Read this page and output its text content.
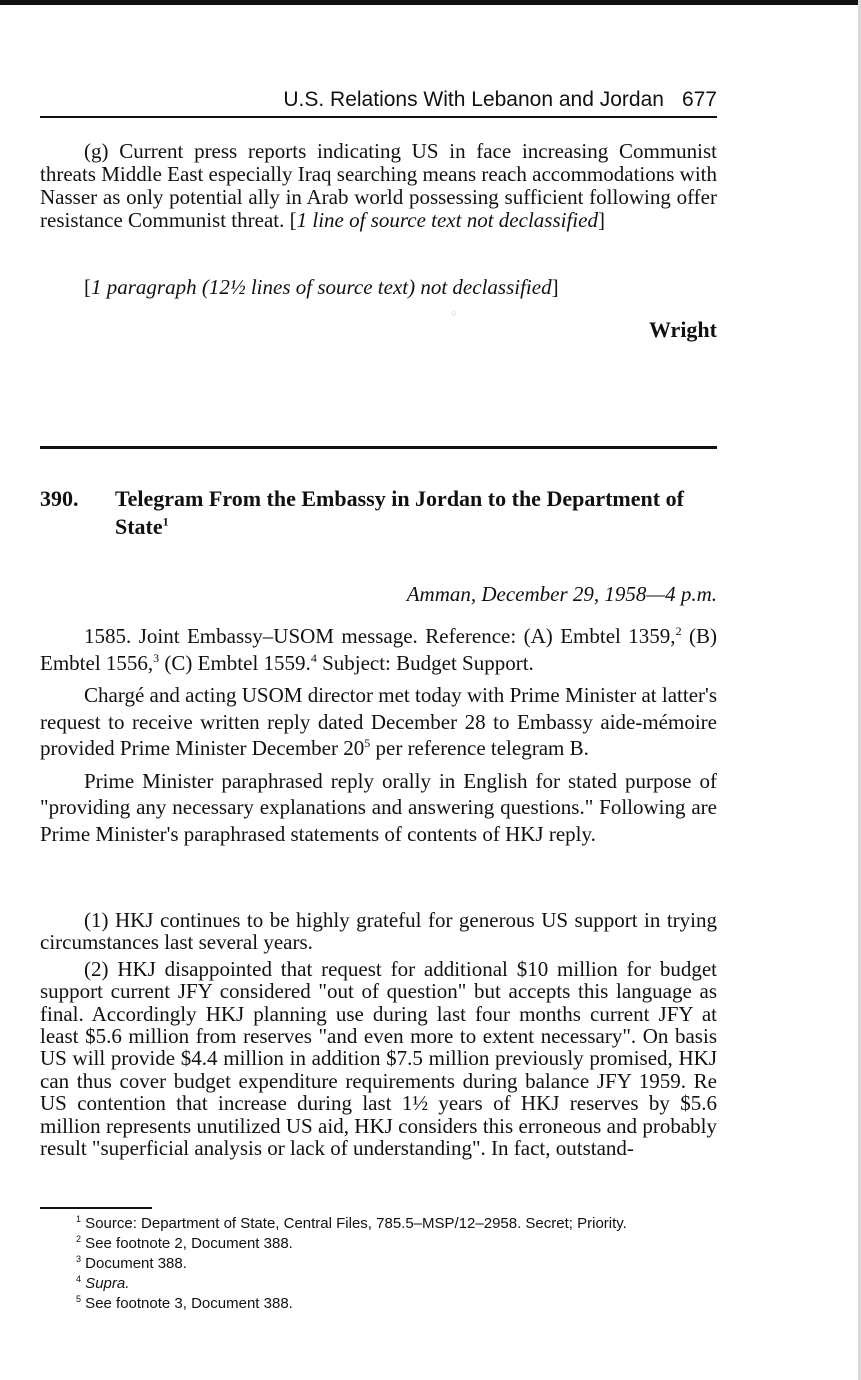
U.S. Relations With Lebanon and Jordan 677

(g) Current press reports indicating US in face increasing Communist threats Middle East especially Iraq searching means reach accommodations with Nasser as only potential ally in Arab world possessing sufficient following offer resistance Communist threat. [1 line of source text not declassified]

[1 paragraph (12½ lines of source text) not declassified]

○
Wright
390. Telegram From the Embassy in Jordan to the Department of State$^1$
Amman, December 29, 1958—4 p.m.

1585. Joint Embassy–USOM message. Reference: (A) Embtel 1359,$^2$ (B) Embtel 1556,$^3$ (C) Embtel 1559.$^4$ Subject: Budget Support.

Chargé and acting USOM director met today with Prime Minister at latter's request to receive written reply dated December 28 to Embassy aide-mémoire provided Prime Minister December $20^5$ per reference telegram B.

Prime Minister paraphrased reply orally in English for stated purpose of "providing any necessary explanations and answering questions." Following are Prime Minister's paraphrased statements of contents of HKJ reply.

(1) HKJ continues to be highly grateful for generous US support in trying circumstances last several years.

(2) HKJ disappointed that request for additional $10 million for budget support current JFY considered "out of question" but accepts this language as final. Accordingly HKJ planning use during last four months current JFY at least $5.6 million from reserves "and even more to extent necessary". On basis US will provide $4.4 million in addition $7.5 million previously promised, HKJ can thus cover budget expenditure requirements during balance JFY 1959. Re US contention that increase during last 1½ years of HKJ reserves by $5.6 million represents unutilized US aid, HKJ considers this erroneous and probably result "superficial analysis or lack of understanding". In fact, outstand-

$^1$ Source: Department of State, Central Files, 785.5–MSP/12–2958. Secret; Priority.
$^2$ See footnote 2, Document 388.
$^3$ Document 388.
$^4$ Supra.
$^5$ See footnote 3, Document 388.
